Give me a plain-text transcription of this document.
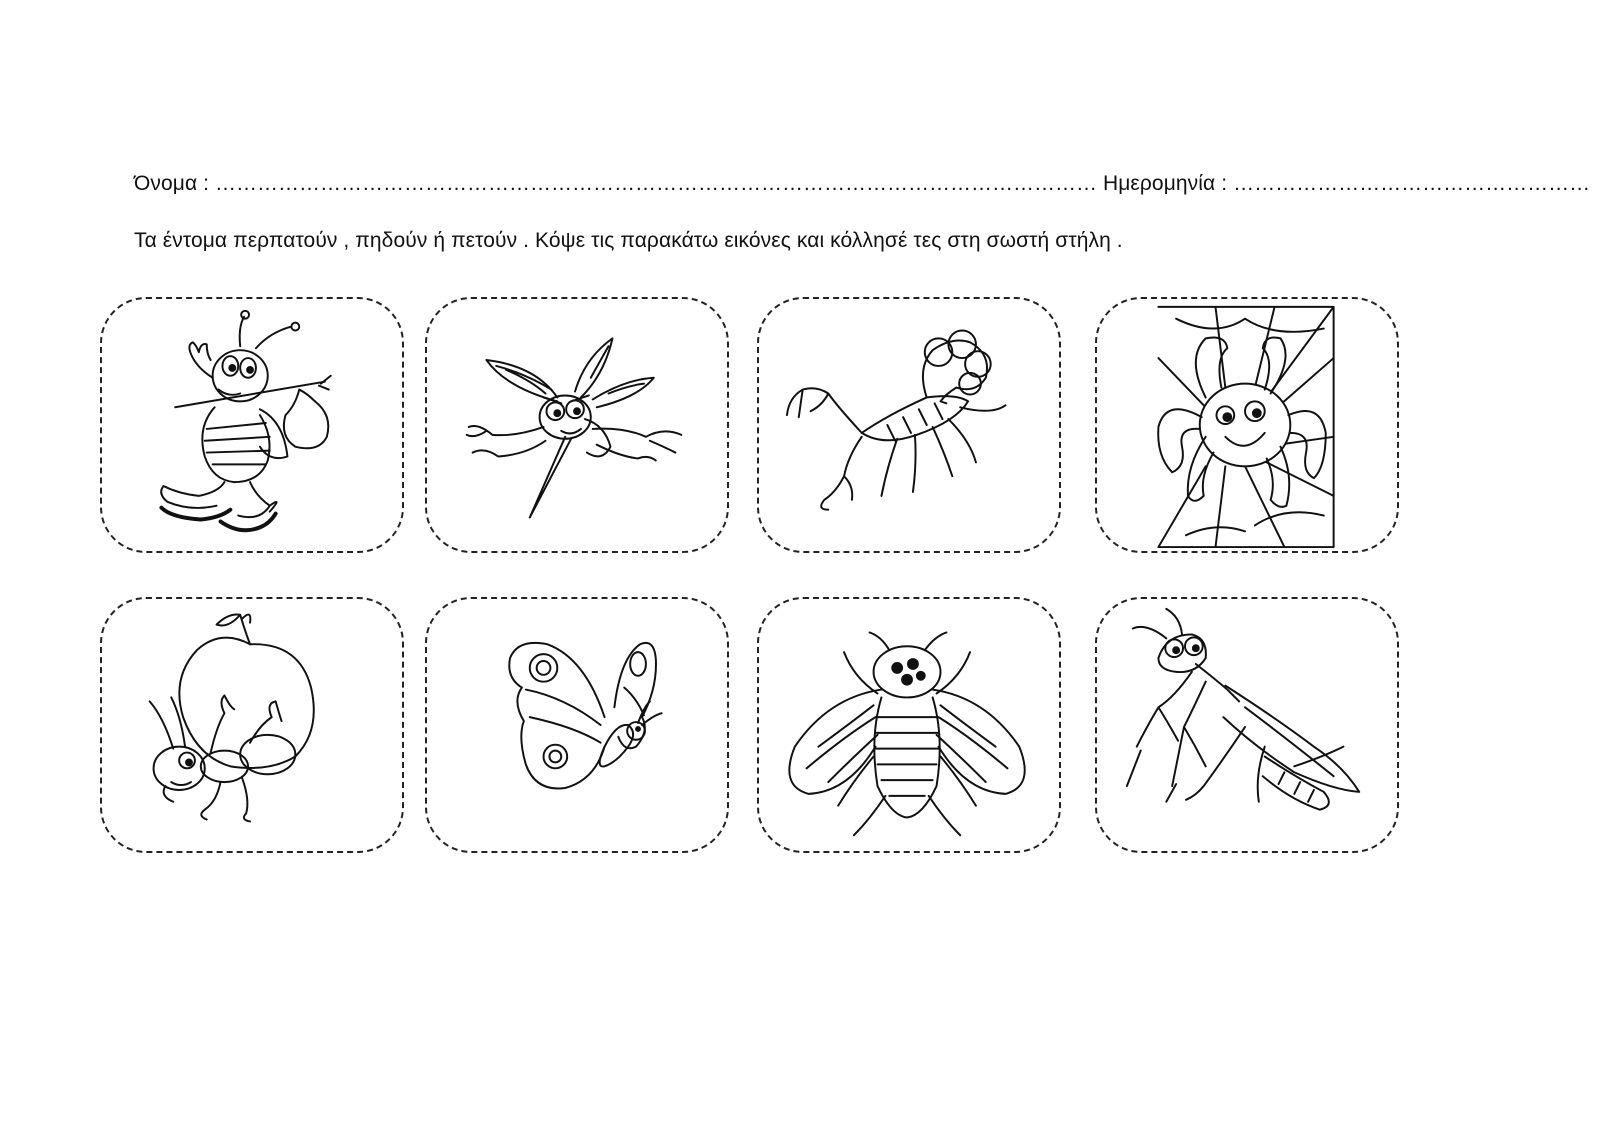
Όνομα : ……………………………………………………………………………………………………………… Ημερομηνία : ……………………………………………
Τα έντομα περπατούν , πηδούν ή πετούν . Κόψε τις παρακάτω εικόνες και κόλλησέ τες στη σωστή στήλη .
